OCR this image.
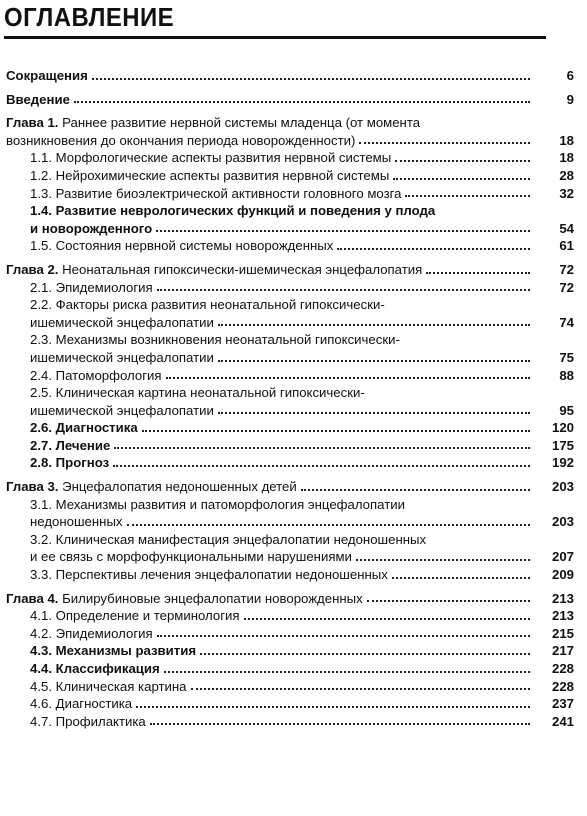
ОГЛАВЛЕНИЕ
Сокращения	6
Введение	9
Глава 1. Раннее развитие нервной системы младенца (от момента
возникновения до окончания периода новорожденности)	18
1.1. Морфологические аспекты развития нервной системы	18
1.2. Нейрохимические аспекты развития нервной системы	28
1.3. Развитие биоэлектрической активности головного мозга	32
1.4. Развитие неврологических функций и поведения у плода
и новорожденного	54
1.5. Состояния нервной системы новорожденных	61
Глава 2. Неонатальная гипоксически-ишемическая энцефалопатия	72
2.1. Эпидемиология	72
2.2. Факторы риска развития неонатальной гипоксически-
ишемической энцефалопатии	74
2.3. Механизмы возникновения неонатальной гипоксически-
ишемической энцефалопатии	75
2.4. Патоморфология	88
2.5. Клиническая картина неонатальной гипоксически-
ишемической энцефалопатии	95
2.6. Диагностика	120
2.7. Лечение	175
2.8. Прогноз	192
Глава 3. Энцефалопатия недоношенных детей	203
3.1. Механизмы развития и патоморфология энцефалопатии
недоношенных	203
3.2. Клиническая манифестация энцефалопатии недоношенных
и ее связь с морфофункциональными нарушениями	207
3.3. Перспективы лечения энцефалопатии недоношенных	209
Глава 4. Билирубиновые энцефалопатии новорожденных	213
4.1. Определение и терминология	213
4.2. Эпидемиология	215
4.3. Механизмы развития	217
4.4. Классификация	228
4.5. Клиническая картина	228
4.6. Диагностика	237
4.7. Профилактика	241
